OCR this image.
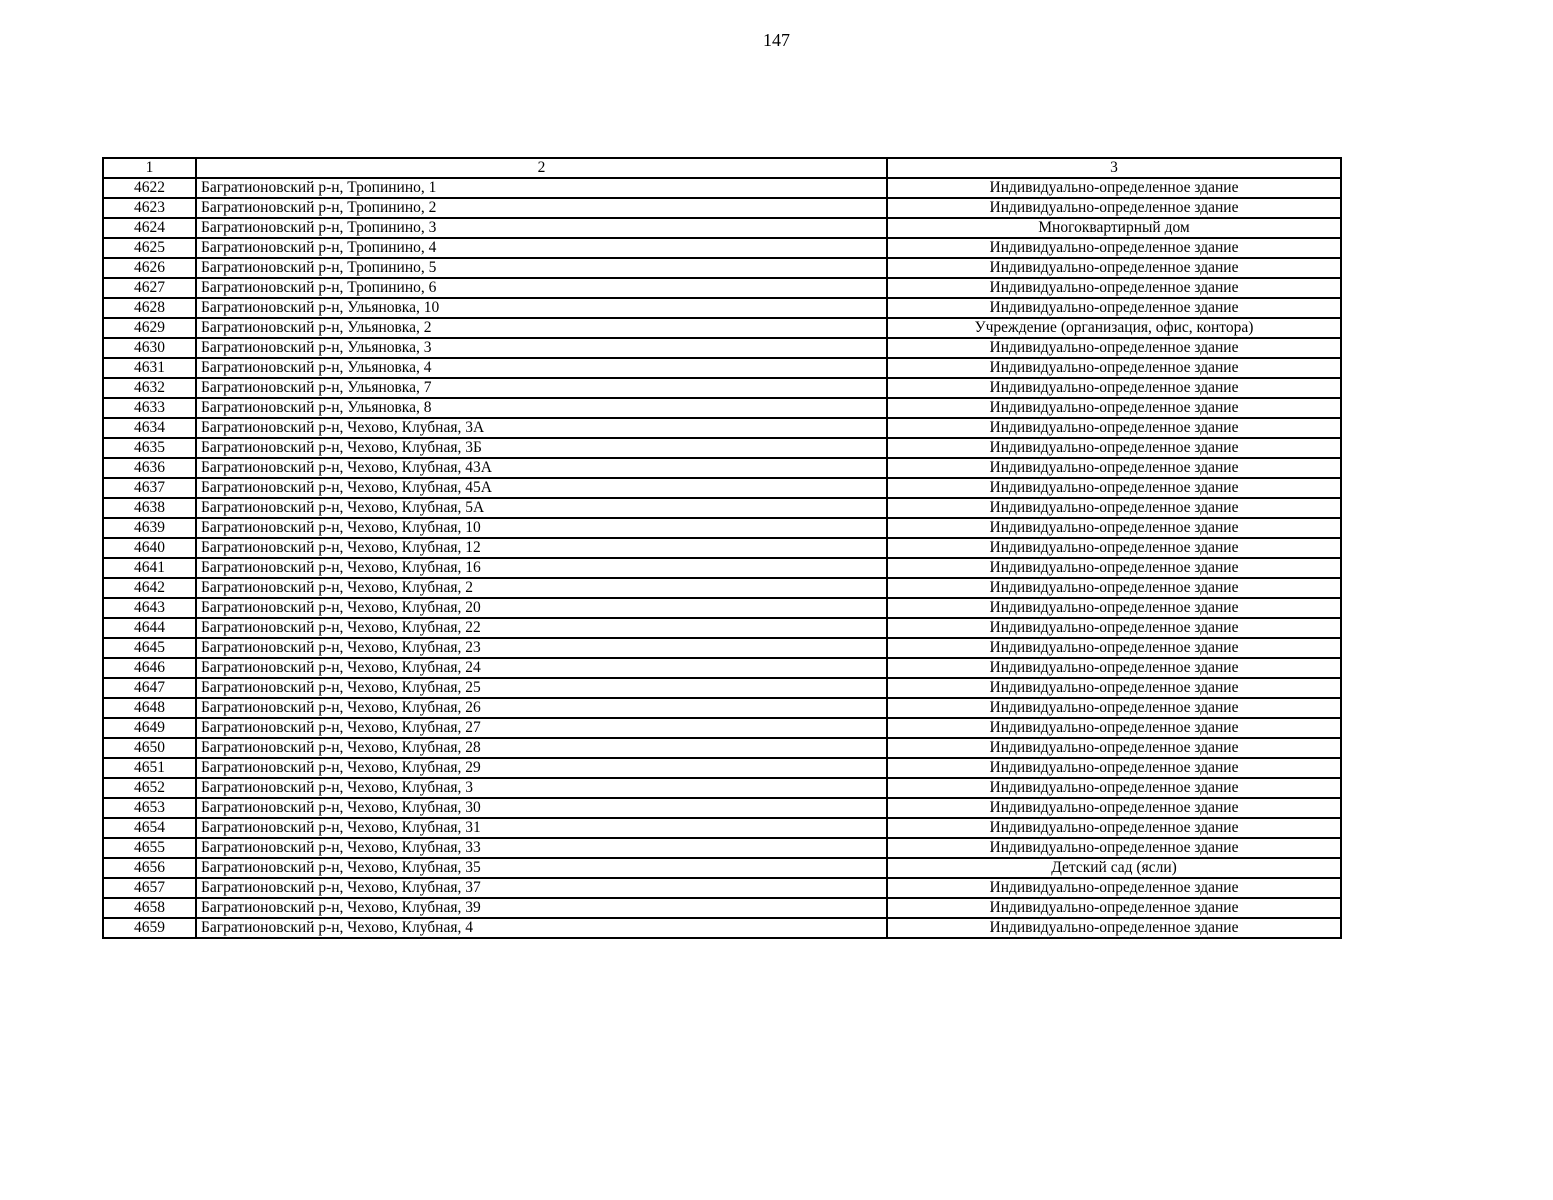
147
1	2	3
4622	Багратионовский р-н, Тропинино, 1	Индивидуально-определенное здание
4623	Багратионовский р-н, Тропинино, 2	Индивидуально-определенное здание
4624	Багратионовский р-н, Тропинино, 3	Многоквартирный дом
4625	Багратионовский р-н, Тропинино, 4	Индивидуально-определенное здание
4626	Багратионовский р-н, Тропинино, 5	Индивидуально-определенное здание
4627	Багратионовский р-н, Тропинино, 6	Индивидуально-определенное здание
4628	Багратионовский р-н, Ульяновка, 10	Индивидуально-определенное здание
4629	Багратионовский р-н, Ульяновка, 2	Учреждение (организация, офис, контора)
4630	Багратионовский р-н, Ульяновка, 3	Индивидуально-определенное здание
4631	Багратионовский р-н, Ульяновка, 4	Индивидуально-определенное здание
4632	Багратионовский р-н, Ульяновка, 7	Индивидуально-определенное здание
4633	Багратионовский р-н, Ульяновка, 8	Индивидуально-определенное здание
4634	Багратионовский р-н, Чехово, Клубная, 3А	Индивидуально-определенное здание
4635	Багратионовский р-н, Чехово, Клубная, 3Б	Индивидуально-определенное здание
4636	Багратионовский р-н, Чехово, Клубная, 43А	Индивидуально-определенное здание
4637	Багратионовский р-н, Чехово, Клубная, 45А	Индивидуально-определенное здание
4638	Багратионовский р-н, Чехово, Клубная, 5А	Индивидуально-определенное здание
4639	Багратионовский р-н, Чехово, Клубная, 10	Индивидуально-определенное здание
4640	Багратионовский р-н, Чехово, Клубная, 12	Индивидуально-определенное здание
4641	Багратионовский р-н, Чехово, Клубная, 16	Индивидуально-определенное здание
4642	Багратионовский р-н, Чехово, Клубная, 2	Индивидуально-определенное здание
4643	Багратионовский р-н, Чехово, Клубная, 20	Индивидуально-определенное здание
4644	Багратионовский р-н, Чехово, Клубная, 22	Индивидуально-определенное здание
4645	Багратионовский р-н, Чехово, Клубная, 23	Индивидуально-определенное здание
4646	Багратионовский р-н, Чехово, Клубная, 24	Индивидуально-определенное здание
4647	Багратионовский р-н, Чехово, Клубная, 25	Индивидуально-определенное здание
4648	Багратионовский р-н, Чехово, Клубная, 26	Индивидуально-определенное здание
4649	Багратионовский р-н, Чехово, Клубная, 27	Индивидуально-определенное здание
4650	Багратионовский р-н, Чехово, Клубная, 28	Индивидуально-определенное здание
4651	Багратионовский р-н, Чехово, Клубная, 29	Индивидуально-определенное здание
4652	Багратионовский р-н, Чехово, Клубная, 3	Индивидуально-определенное здание
4653	Багратионовский р-н, Чехово, Клубная, 30	Индивидуально-определенное здание
4654	Багратионовский р-н, Чехово, Клубная, 31	Индивидуально-определенное здание
4655	Багратионовский р-н, Чехово, Клубная, 33	Индивидуально-определенное здание
4656	Багратионовский р-н, Чехово, Клубная, 35	Детский сад (ясли)
4657	Багратионовский р-н, Чехово, Клубная, 37	Индивидуально-определенное здание
4658	Багратионовский р-н, Чехово, Клубная, 39	Индивидуально-определенное здание
4659	Багратионовский р-н, Чехово, Клубная, 4	Индивидуально-определенное здание
